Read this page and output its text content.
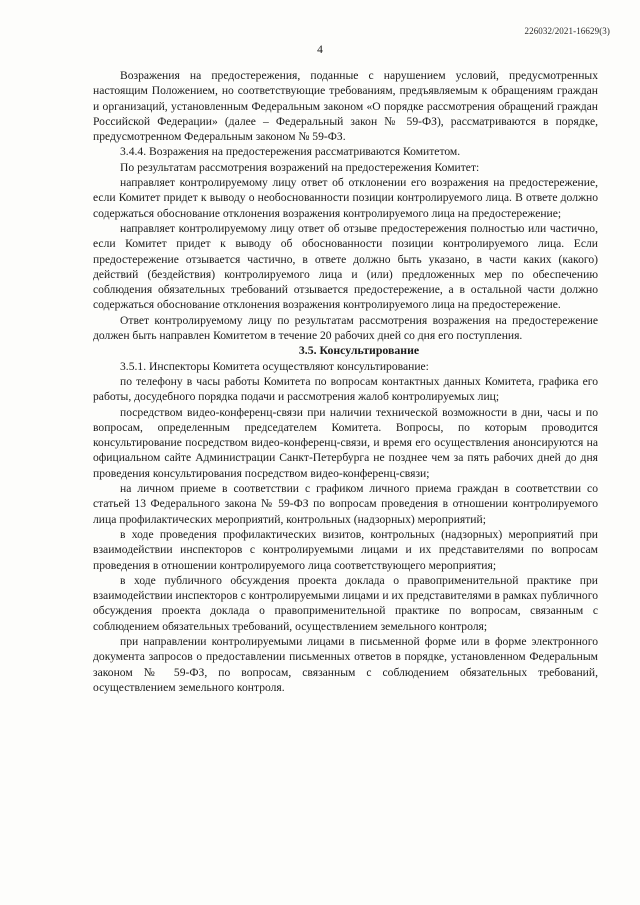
226032/2021-16629(3)
4

Возражения на предостережения, поданные с нарушением условий, предусмотренных настоящим Положением, но соответствующие требованиям, предъявляемым к обращениям граждан и организаций, установленным Федеральным законом «О порядке рассмотрения обращений граждан Российской Федерации» (далее – Федеральный закон № 59-ФЗ), рассматриваются в порядке, предусмотренном Федеральным законом № 59-ФЗ.

3.4.4. Возражения на предостережения рассматриваются Комитетом.

По результатам рассмотрения возражений на предостережения Комитет:

направляет контролируемому лицу ответ об отклонении его возражения на предостережение, если Комитет придет к выводу о необоснованности позиции контролируемого лица. В ответе должно содержаться обоснование отклонения возражения контролируемого лица на предостережение;

направляет контролируемому лицу ответ об отзыве предостережения полностью или частично, если Комитет придет к выводу об обоснованности позиции контролируемого лица. Если предостережение отзывается частично, в ответе должно быть указано, в части каких (какого) действий (бездействия) контролируемого лица и (или) предложенных мер по обеспечению соблюдения обязательных требований отзывается предостережение, а в остальной части должно содержаться обоснование отклонения возражения контролируемого лица на предостережение.

Ответ контролируемому лицу по результатам рассмотрения возражения на предостережение должен быть направлен Комитетом в течение 20 рабочих дней со дня его поступления.

3.5. Консультирование

3.5.1. Инспекторы Комитета осуществляют консультирование:

по телефону в часы работы Комитета по вопросам контактных данных Комитета, графика его работы, досудебного порядка подачи и рассмотрения жалоб контролируемых лиц;

посредством видео-конференц-связи при наличии технической возможности в дни, часы и по вопросам, определенным председателем Комитета. Вопросы, по которым проводится консультирование посредством видео-конференц-связи, и время его осуществления анонсируются на официальном сайте Администрации Санкт-Петербурга не позднее чем за пять рабочих дней до дня проведения консультирования посредством видео-конференц-связи;

на личном приеме в соответствии с графиком личного приема граждан в соответствии со статьей 13 Федерального закона № 59-ФЗ по вопросам проведения в отношении контролируемого лица профилактических мероприятий, контрольных (надзорных) мероприятий;

в ходе проведения профилактических визитов, контрольных (надзорных) мероприятий при взаимодействии инспекторов с контролируемыми лицами и их представителями по вопросам проведения в отношении контролируемого лица соответствующего мероприятия;

в ходе публичного обсуждения проекта доклада о правоприменительной практике при взаимодействии инспекторов с контролируемыми лицами и их представителями в рамках публичного обсуждения проекта доклада о правоприменительной практике по вопросам, связанным с соблюдением обязательных требований, осуществлением земельного контроля;

при направлении контролируемыми лицами в письменной форме или в форме электронного документа запросов о предоставлении письменных ответов в порядке, установленном Федеральным законом № 59-ФЗ, по вопросам, связанным с соблюдением обязательных требований, осуществлением земельного контроля.
